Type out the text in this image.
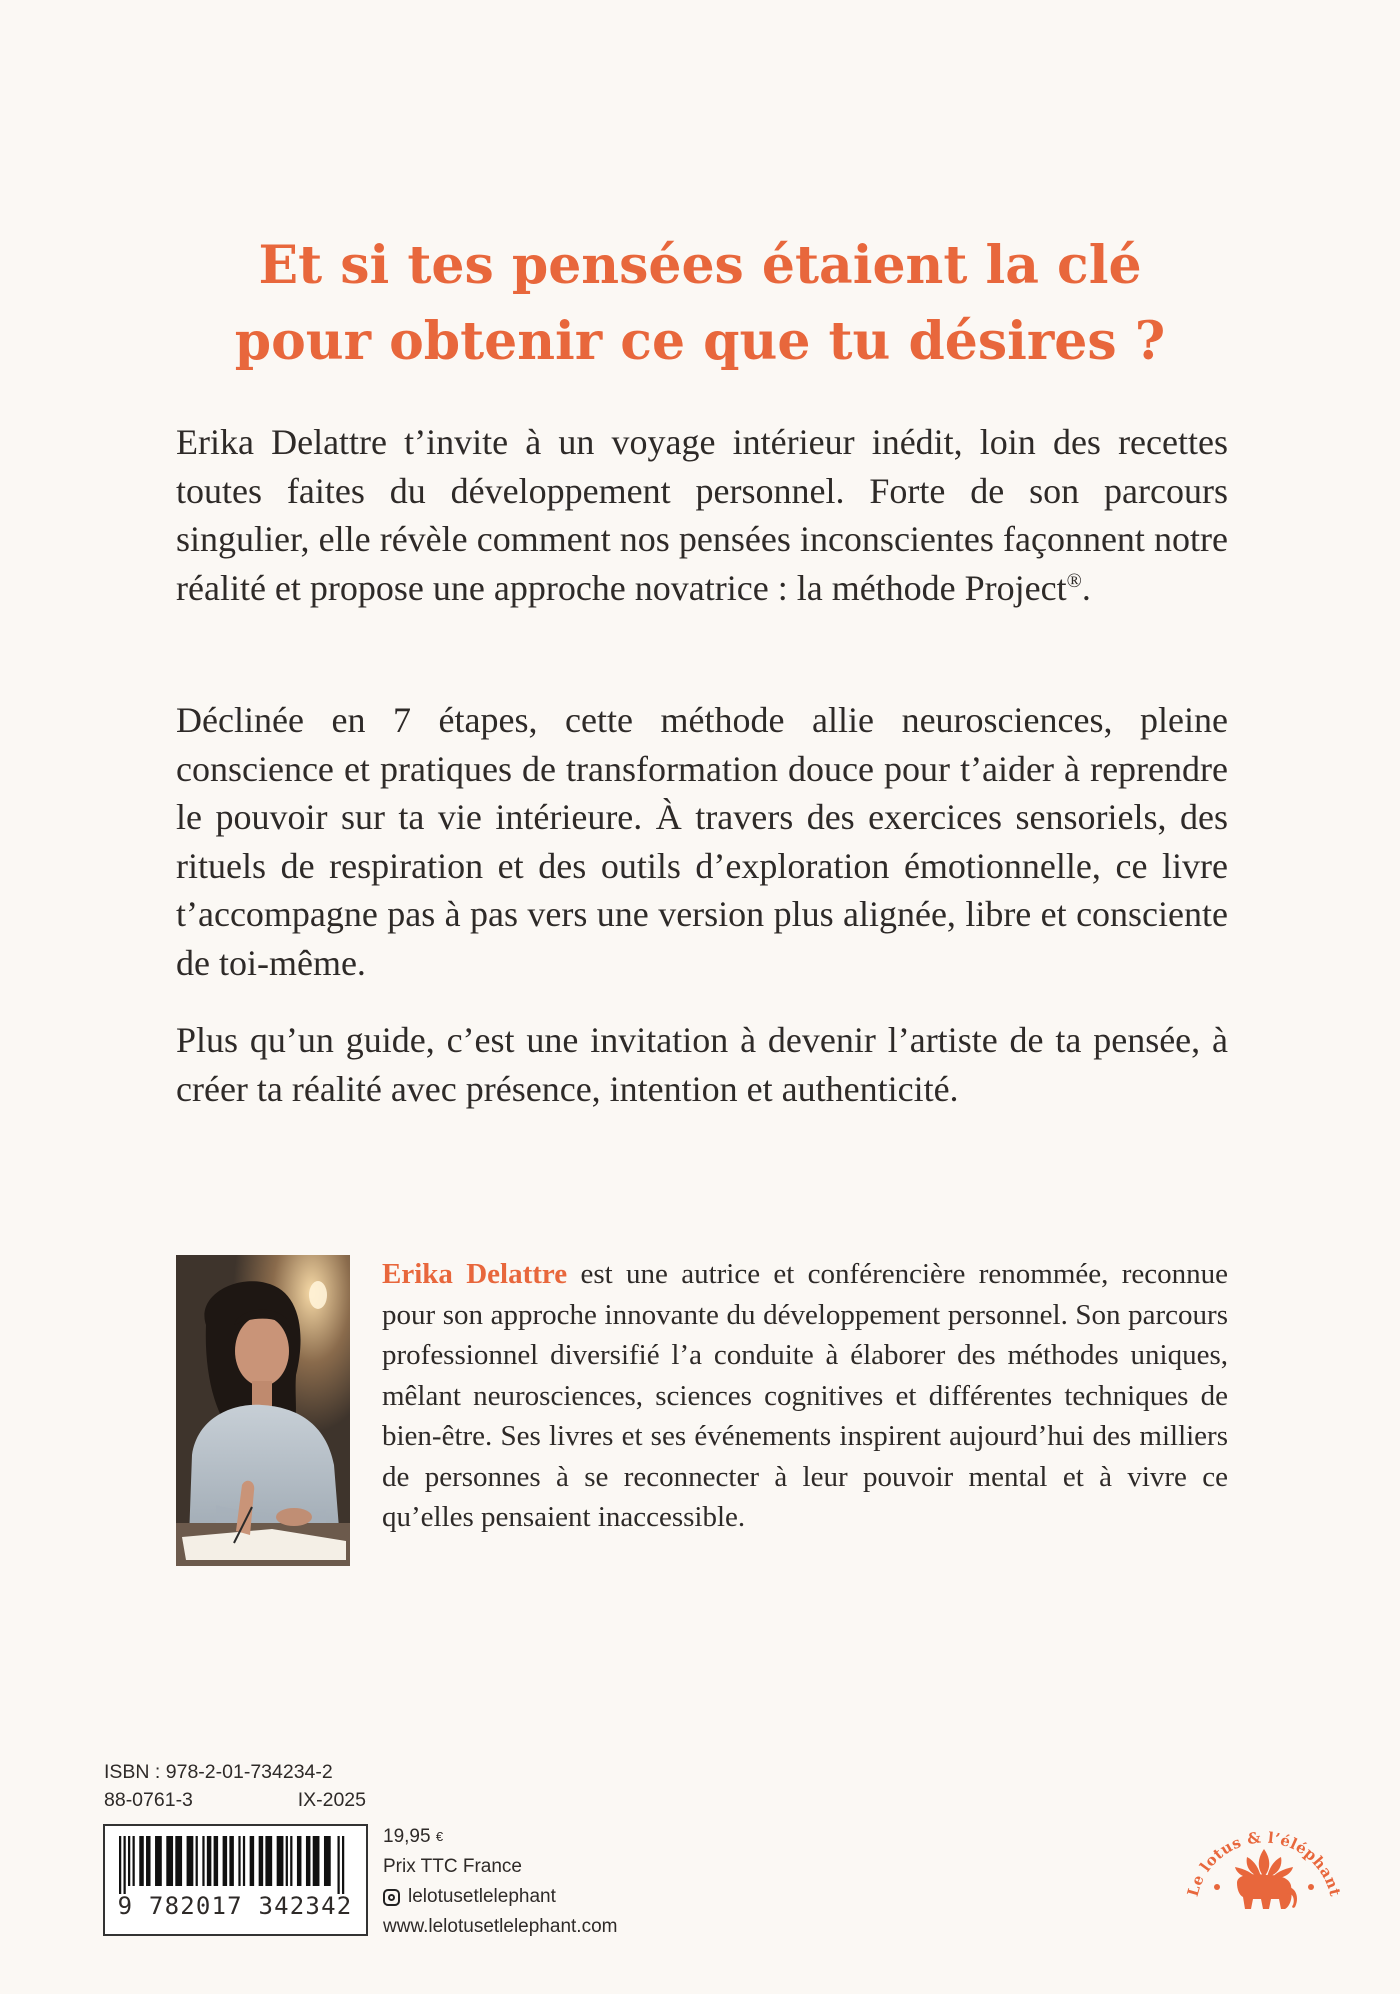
Et si tes pensées étaient la clé
pour obtenir ce que tu désires ?

Erika Delattre t’invite à un voyage intérieur inédit, loin des recettes toutes faites du développement personnel. Forte de son parcours singulier, elle révèle comment nos pensées inconscientes façonnent notre réalité et propose une approche novatrice : la méthode Project®.

Déclinée en 7 étapes, cette méthode allie neurosciences, pleine conscience et pratiques de transformation douce pour t’aider à reprendre le pouvoir sur ta vie intérieure. À travers des exercices sensoriels, des rituels de respiration et des outils d’exploration émotionnelle, ce livre t’accompagne pas à pas vers une version plus alignée, libre et consciente de toi-même.

Plus qu’un guide, c’est une invitation à devenir l’artiste de ta pensée, à créer ta réalité avec présence, intention et authenticité.

Erika Delattre est une autrice et conférencière renommée, reconnue pour son approche innovante du développement personnel. Son parcours professionnel diversifié l’a conduite à élaborer des méthodes uniques, mêlant neurosciences, sciences cognitives et différentes techniques de bien-être. Ses livres et ses événements inspirent aujourd’hui des milliers de personnes à se reconnecter à leur pouvoir mental et à vivre ce qu’elles pensaient inaccessible.

ISBN : 978-2-01-734234-2
88-0761-3	IX-2025
9 782017 342342
19,95 €
Prix TTC France
lelotusetlelephant
www.lelotusetlelephant.com
Le lotus & l’éléphant
